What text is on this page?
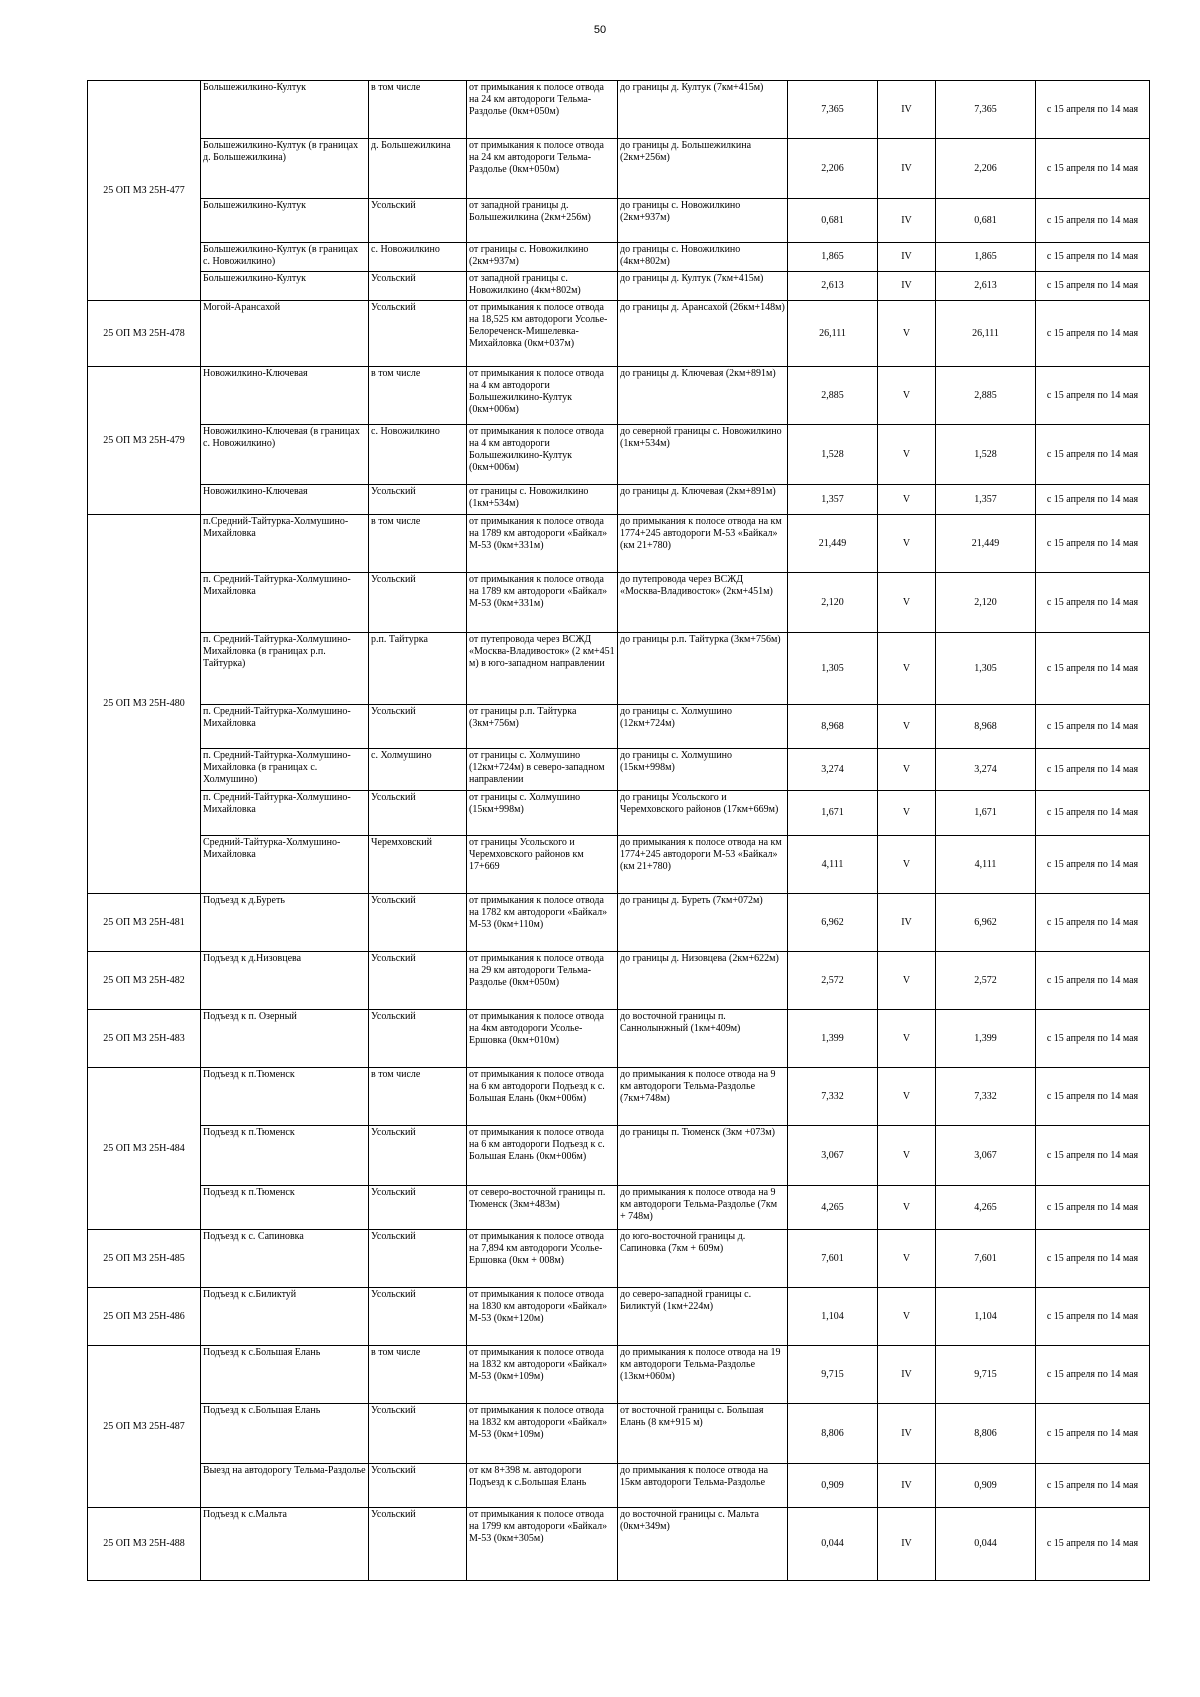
50
25 ОП МЗ 25Н-477	Большежилкино-Култук	в том числе	от примыкания к полосе отвода на 24 км автодороги Тельма-Раздолье (0км+050м)	до границы д. Култук (7км+415м)	7,365	IV	7,365	с 15 апреля по 14 мая
	Большежилкино-Култук (в границах д. Большежилкина)	д. Большежилкина	от примыкания к полосе отвода на 24 км автодороги Тельма-Раздолье (0км+050м)	до границы д. Большежилкина (2км+256м)	2,206	IV	2,206	с 15 апреля по 14 мая
	Большежилкино-Култук	Усольский	от западной границы д. Большежилкина (2км+256м)	до границы с. Новожилкино (2км+937м)	0,681	IV	0,681	с 15 апреля по 14 мая
	Большежилкино-Култук (в границах с. Новожилкино)	с. Новожилкино	от границы с. Новожилкино (2км+937м)	до границы с. Новожилкино (4км+802м)	1,865	IV	1,865	с 15 апреля по 14 мая
	Большежилкино-Култук	Усольский	от западной границы с. Новожилкино (4км+802м)	до границы д. Култук (7км+415м)	2,613	IV	2,613	с 15 апреля по 14 мая
25 ОП МЗ 25Н-478	Могой-Арансахой	Усольский	от примыкания к полосе отвода на 18,525 км автодороги Усолье-Белореченск-Мишелевка-Михайловка (0км+037м)	до границы д. Арансахой (26км+148м)	26,111	V	26,111	с 15 апреля по 14 мая
25 ОП МЗ 25Н-479	Новожилкино-Ключевая	в том числе	от примыкания к полосе отвода на 4 км автодороги Большежилкино-Култук (0км+006м)	до границы д. Ключевая (2км+891м)	2,885	V	2,885	с 15 апреля по 14 мая
	Новожилкино-Ключевая (в границах с. Новожилкино)	с. Новожилкино	от примыкания к полосе отвода на 4 км автодороги Большежилкино-Култук (0км+006м)	до северной границы с. Новожилкино (1км+534м)	1,528	V	1,528	с 15 апреля по 14 мая
	Новожилкино-Ключевая	Усольский	от границы с. Новожилкино (1км+534м)	до границы д. Ключевая (2км+891м)	1,357	V	1,357	с 15 апреля по 14 мая
25 ОП МЗ 25Н-480	п.Средний-Тайтурка-Холмушино-Михайловка	в том числе	от примыкания к полосе отвода на 1789 км автодороги «Байкал» М-53 (0км+331м)	до примыкания к полосе отвода на км 1774+245 автодороги М-53 «Байкал» (км 21+780)	21,449	V	21,449	с 15 апреля по 14 мая
	п. Средний-Тайтурка-Холмушино-Михайловка	Усольский	от примыкания к полосе отвода на 1789 км автодороги «Байкал» М-53 (0км+331м)	до путепровода через ВСЖД «Москва-Владивосток» (2км+451м)	2,120	V	2,120	с 15 апреля по 14 мая
	п. Средний-Тайтурка-Холмушино-Михайловка (в границах р.п. Тайтурка)	р.п. Тайтурка	от путепровода через ВСЖД «Москва-Владивосток» (2 км+451 м) в юго-западном направлении	до границы р.п. Тайтурка (3км+756м)	1,305	V	1,305	с 15 апреля по 14 мая
	п. Средний-Тайтурка-Холмушино-Михайловка	Усольский	от границы р.п. Тайтурка (3км+756м)	до границы с. Холмушино (12км+724м)	8,968	V	8,968	с 15 апреля по 14 мая
	п. Средний-Тайтурка-Холмушино-Михайловка (в границах с. Холмушино)	с. Холмушино	от границы с. Холмушино (12км+724м) в северо-западном направлении	до границы с. Холмушино (15км+998м)	3,274	V	3,274	с 15 апреля по 14 мая
	п. Средний-Тайтурка-Холмушино-Михайловка	Усольский	от границы с. Холмушино (15км+998м)	до границы Усольского и Черемховского районов (17км+669м)	1,671	V	1,671	с 15 апреля по 14 мая
	Средний-Тайтурка-Холмушино-Михайловка	Черемховский	от границы Усольского и Черемховского районов км 17+669	до примыкания к полосе отвода на км 1774+245 автодороги М-53 «Байкал» (км 21+780)	4,111	V	4,111	с 15 апреля по 14 мая
25 ОП МЗ 25Н-481	Подъезд к д.Буреть	Усольский	от примыкания к полосе отвода на 1782 км автодороги «Байкал» М-53 (0км+110м)	до границы д. Буреть (7км+072м)	6,962	IV	6,962	с 15 апреля по 14 мая
25 ОП МЗ 25Н-482	Подъезд к д.Низовцева	Усольский	от примыкания к полосе отвода на 29 км автодороги Тельма-Раздолье (0км+050м)	до границы д. Низовцева (2км+622м)	2,572	V	2,572	с 15 апреля по 14 мая
25 ОП МЗ 25Н-483	Подъезд к п. Озерный	Усольский	от примыкания к полосе отвода на 4км автодороги Усолье-Ершовка (0км+010м)	до восточной границы п. Саннолынжный (1км+409м)	1,399	V	1,399	с 15 апреля по 14 мая
25 ОП МЗ 25Н-484	Подъезд к п.Тюменск	в том числе	от примыкания к полосе отвода на 6 км автодороги Подъезд к с. Большая Елань (0км+006м)	до примыкания к полосе отвода на 9 км автодороги Тельма-Раздолье (7км+748м)	7,332	V	7,332	с 15 апреля по 14 мая
	Подъезд к п.Тюменск	Усольский	от примыкания к полосе отвода на 6 км автодороги Подъезд к с. Большая Елань (0км+006м)	до границы п. Тюменск (3км +073м)	3,067	V	3,067	с 15 апреля по 14 мая
	Подъезд к п.Тюменск	Усольский	от северо-восточной границы п. Тюменск (3км+483м)	до примыкания к полосе отвода на 9 км автодороги Тельма-Раздолье (7км + 748м)	4,265	V	4,265	с 15 апреля по 14 мая
25 ОП МЗ 25Н-485	Подъезд к с. Сапиновка	Усольский	от примыкания к полосе отвода на 7,894 км автодороги Усолье-Ершовка (0км + 008м)	до юго-восточной границы д. Сапиновка (7км + 609м)	7,601	V	7,601	с 15 апреля по 14 мая
25 ОП МЗ 25Н-486	Подъезд к с.Биликтуй	Усольский	от примыкания к полосе отвода на 1830 км автодороги «Байкал» М-53 (0км+120м)	до северо-западной границы с. Биликтуй (1км+224м)	1,104	V	1,104	с 15 апреля по 14 мая
25 ОП МЗ 25Н-487	Подъезд к с.Большая Елань	в том числе	от примыкания к полосе отвода на 1832 км автодороги «Байкал» М-53 (0км+109м)	до примыкания к полосе отвода на 19 км автодороги Тельма-Раздолье (13км+060м)	9,715	IV	9,715	с 15 апреля по 14 мая
	Подъезд к с.Большая Елань	Усольский	от примыкания к полосе отвода на 1832 км автодороги «Байкал» М-53 (0км+109м)	от восточной границы с. Большая Елань (8 км+915 м)	8,806	IV	8,806	с 15 апреля по 14 мая
	Выезд на автодорогу Тельма-Раздолье	Усольский	от км 8+398 м. автодороги Подъезд к с.Большая Елань	до примыкания к полосе отвода на 15км автодороги Тельма-Раздолье	0,909	IV	0,909	с 15 апреля по 14 мая
25 ОП МЗ 25Н-488	Подъезд к с.Мальта	Усольский	от примыкания к полосе отвода на 1799 км автодороги «Байкал» М-53 (0км+305м)	до восточной границы с. Мальта (0км+349м)	0,044	IV	0,044	с 15 апреля по 14 мая
